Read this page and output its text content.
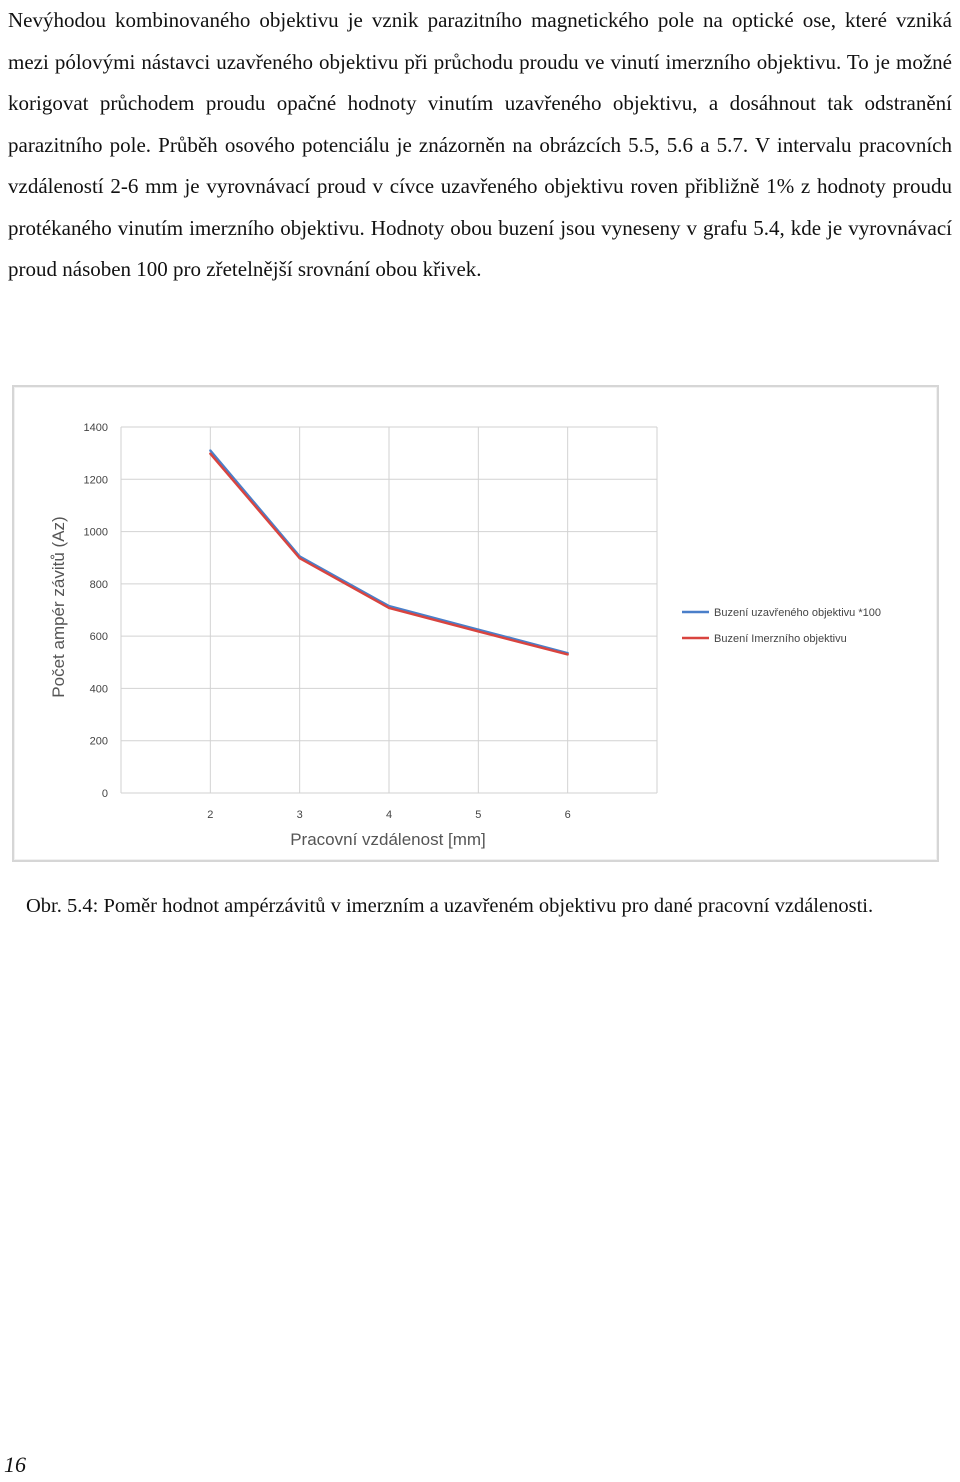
Nevýhodou kombinovaného objektivu je vznik parazitního magnetického pole na optické ose, které vzniká mezi pólovými nástavci uzavřeného objektivu při průchodu proudu ve vinutí imerzního objektivu. To je možné korigovat průchodem proudu opačné hodnoty vinutím uzavřeného objektivu, a dosáhnout tak odstranění parazitního pole. Průběh osového potenciálu je znázorněn na obrázcích 5.5, 5.6 a 5.7. V intervalu pracovních vzdáleností 2-6 mm je vyrovnávací proud v cívce uzavřeného objektivu roven přibližně 1% z hodnoty proudu protékaného vinutím imerzního objektivu. Hodnoty obou buzení jsou vyneseny v grafu 5.4, kde je vyrovnávací proud násoben 100 pro zřetelnější srovnání obou křivek.

0
200
400
600
800
1000
1200
1400
2	3	4	5	6
Buzení uzavřeného objektivu *100
Buzení Imerzního objektivu
Počet ampér závitů (Az)
Pracovní vzdálenost [mm]

Obr. 5.4: Poměr hodnot ampérzávitů v imerzním a uzavřeném objektivu pro dané pracovní vzdálenosti.

16
